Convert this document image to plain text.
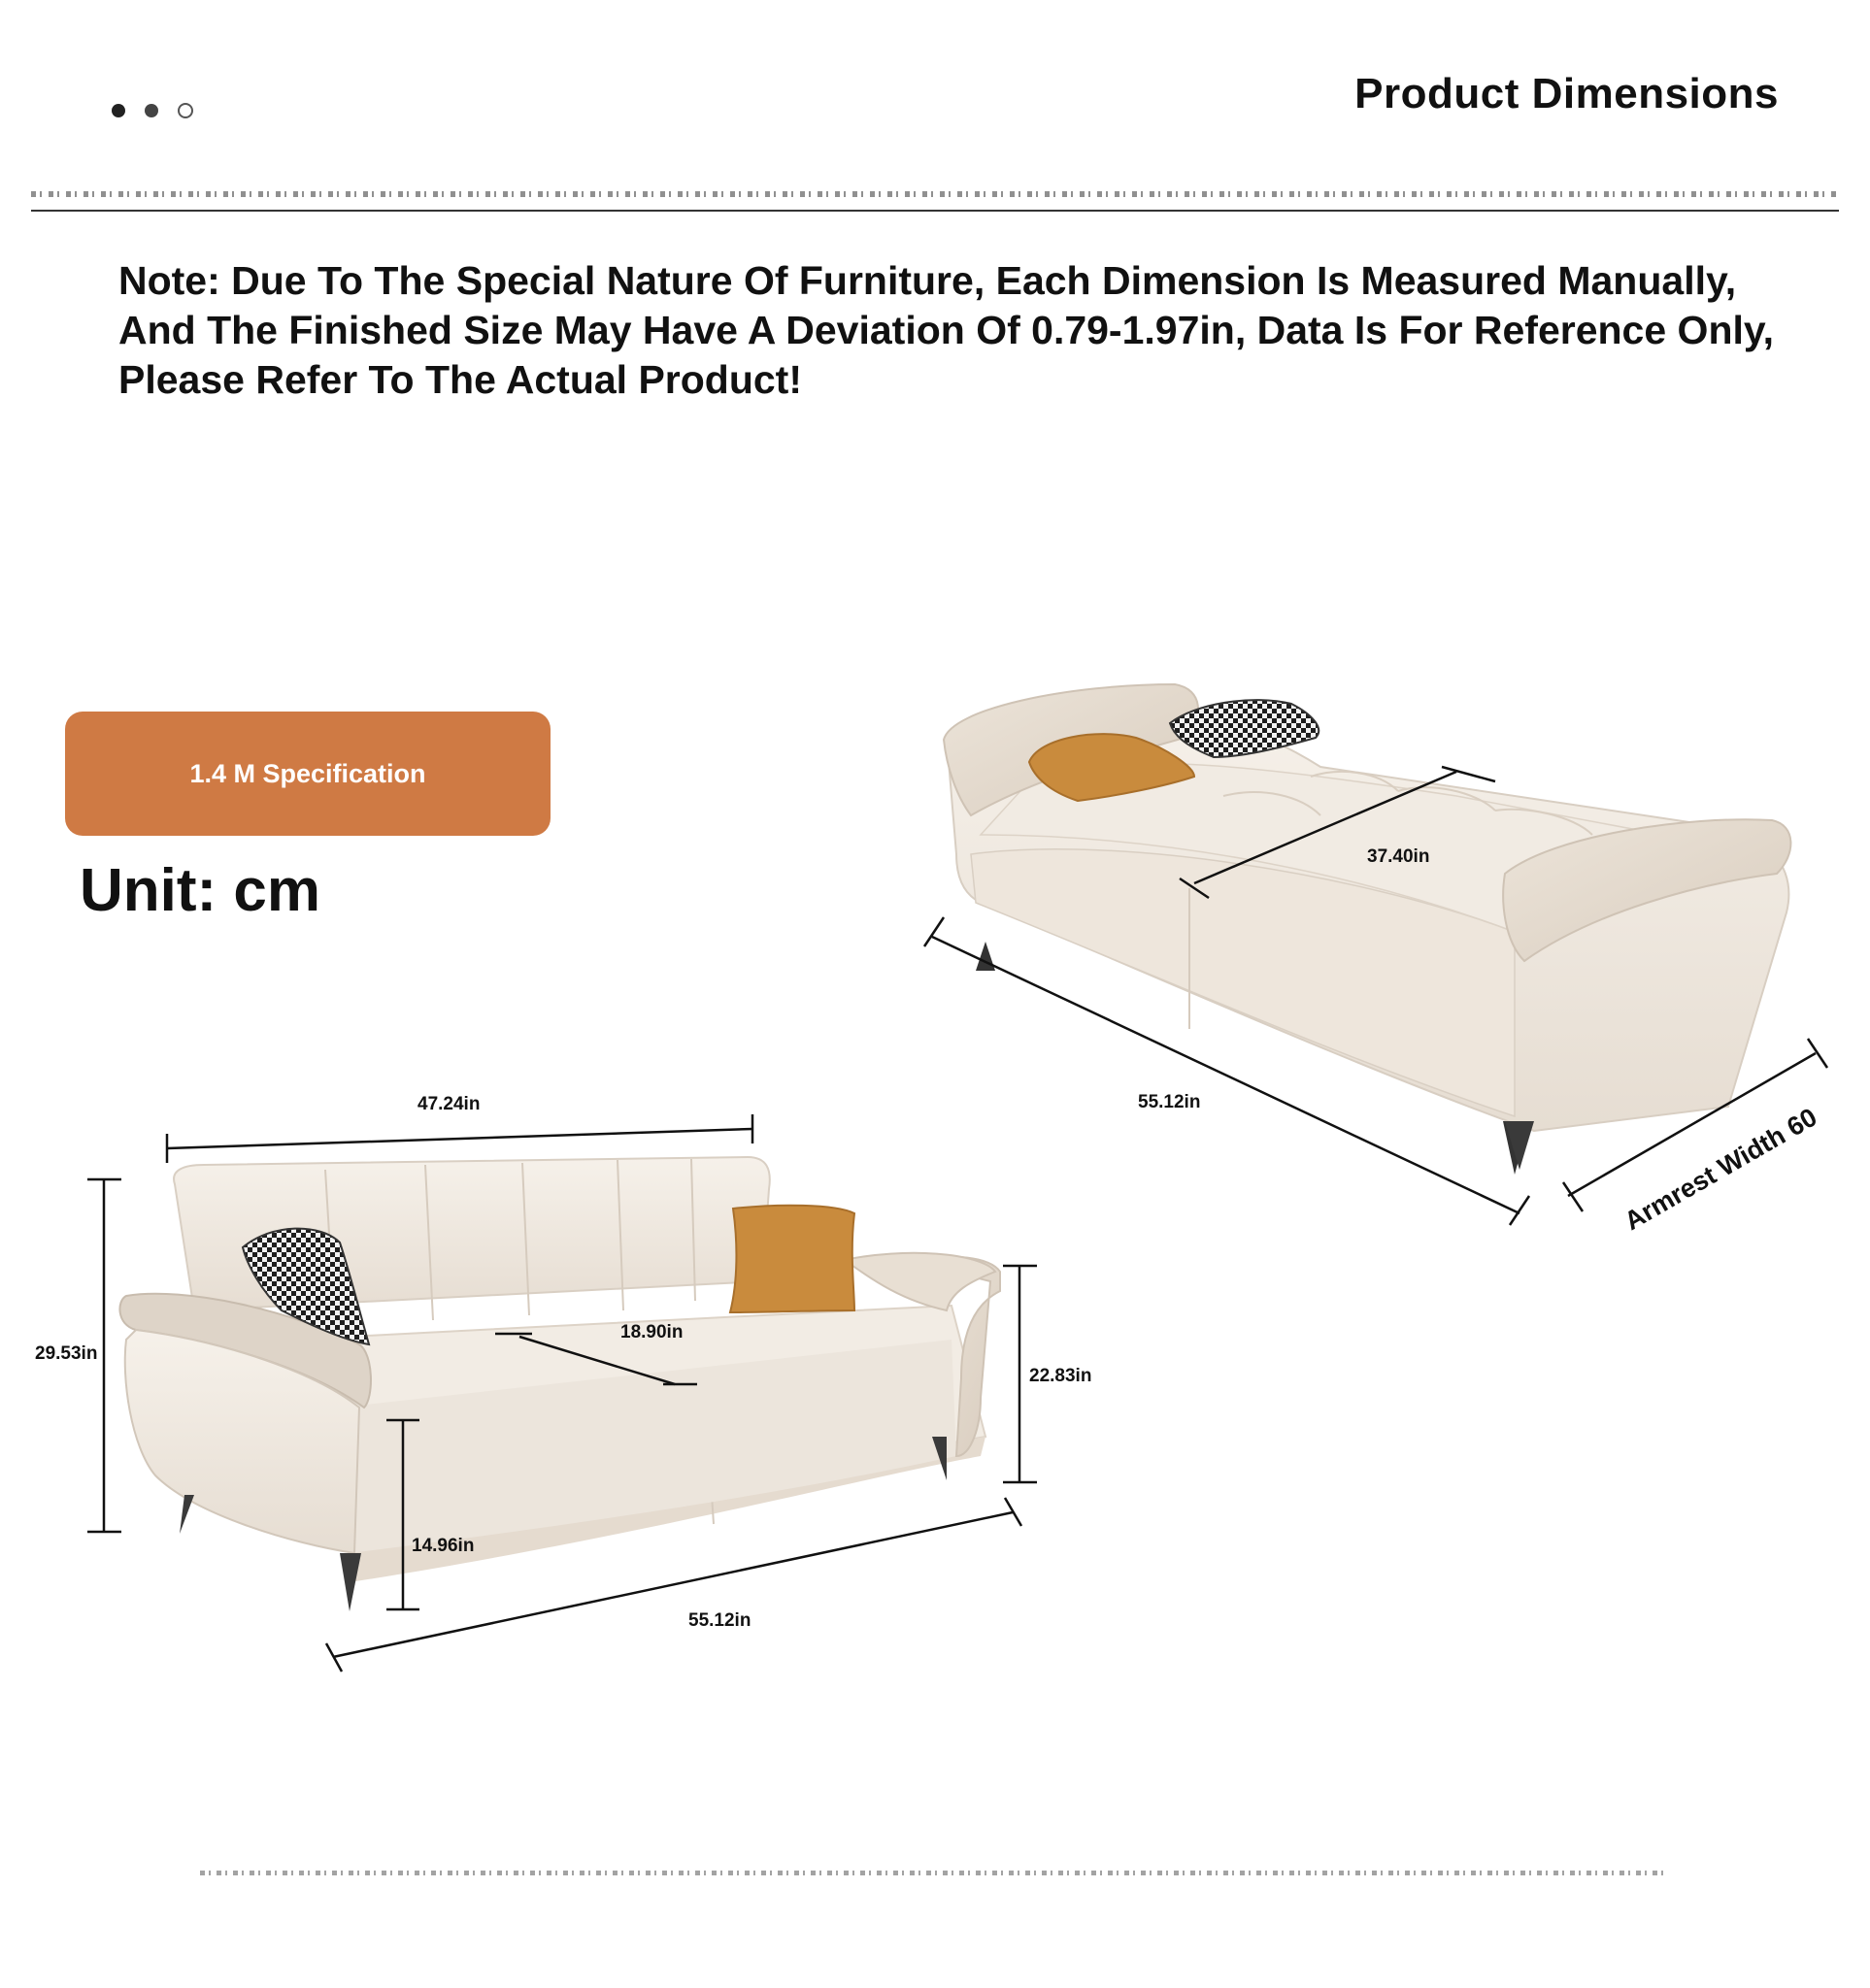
Product Dimensions

Note: Due To The Special Nature Of Furniture, Each Dimension Is Measured Manually, And The Finished Size May Have A Deviation Of 0.79-1.97in, Data Is For Reference Only, Please Refer To The Actual Product!

1.4 M Specification
Unit: cm
37.40in
55.12in
Armrest Width 60
47.24in
29.53in
18.90in
22.83in
14.96in
55.12in
